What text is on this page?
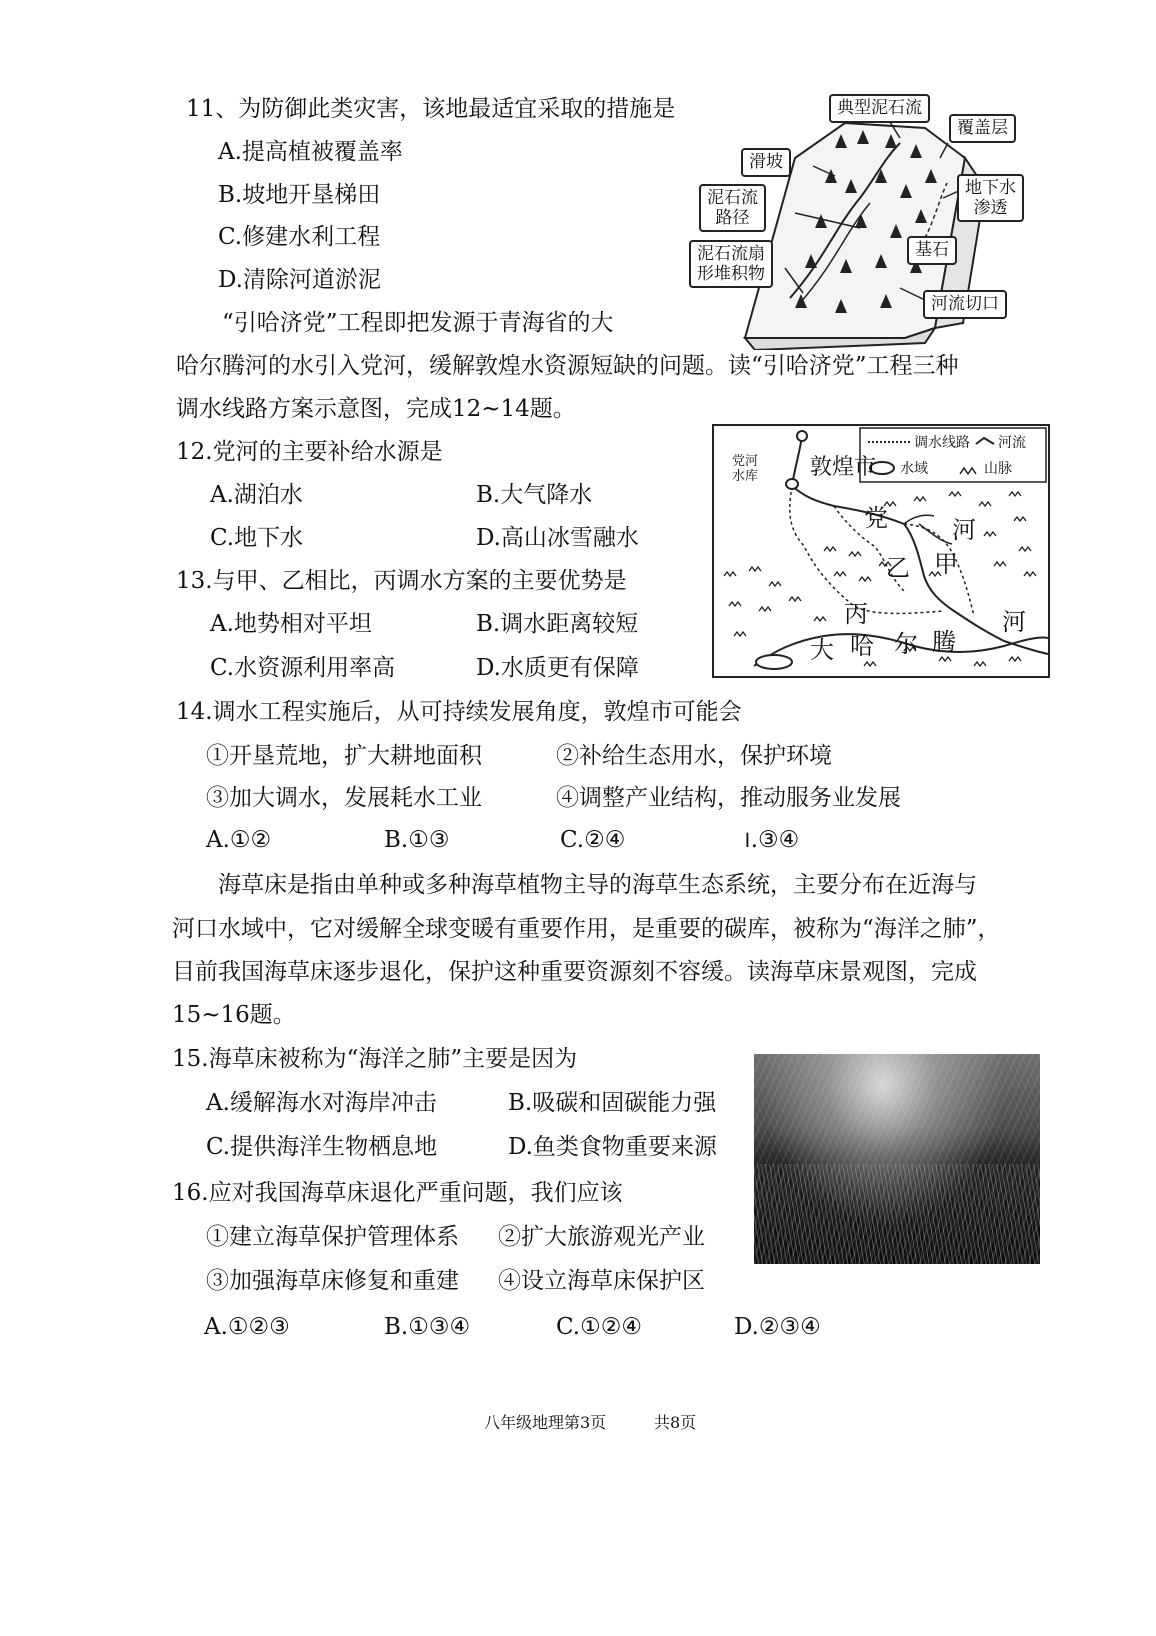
11、为防御此类灾害，该地最适宜采取的措施是
A.提高植被覆盖率
B.坡地开垦梯田
C.修建水利工程
D.清除河道淤泥
典型泥石流
覆盖层
滑坡
地下水
渗透
泥石流
路径
基石
泥石流扇
形堆积物
河流切口
“引哈济党”工程即把发源于青海省的大
哈尔腾河的水引入党河，缓解敦煌水资源短缺的问题。读“引哈济党”工程三种
调水线路方案示意图，完成12~14题。
12.党河的主要补给水源是
A.湖泊水	B.大气降水
C.地下水	D.高山冰雪融水
调水线路 河流
水域	山脉
敦煌市
党河
水库
党	河
乙 甲
丙	河
大 哈 尔 腾
13.与甲、乙相比，丙调水方案的主要优势是
A.地势相对平坦	B.调水距离较短
C.水资源利用率高	D.水质更有保障
14.调水工程实施后，从可持续发展角度，敦煌市可能会
①开垦荒地，扩大耕地面积	②补给生态用水，保护环境
③加大调水，发展耗水工业	④调整产业结构，推动服务业发展
A.①②	B.①③	C.②④	।.③④
海草床是指由单种或多种海草植物主导的海草生态系统，主要分布在近海与
河口水域中，它对缓解全球变暖有重要作用，是重要的碳库，被称为“海洋之肺”，
目前我国海草床逐步退化，保护这种重要资源刻不容缓。读海草床景观图，完成
15~16题。
15.海草床被称为“海洋之肺”主要是因为
A.缓解海水对海岸冲击	B.吸碳和固碳能力强
C.提供海洋生物栖息地	D.鱼类食物重要来源
16.应对我国海草床退化严重问题，我们应该
①建立海草保护管理体系 ②扩大旅游观光产业
③加强海草床修复和重建 ④设立海草床保护区
A.①②③	B.①③④	C.①②④	D.②③④
八年级地理第3页	共8页
